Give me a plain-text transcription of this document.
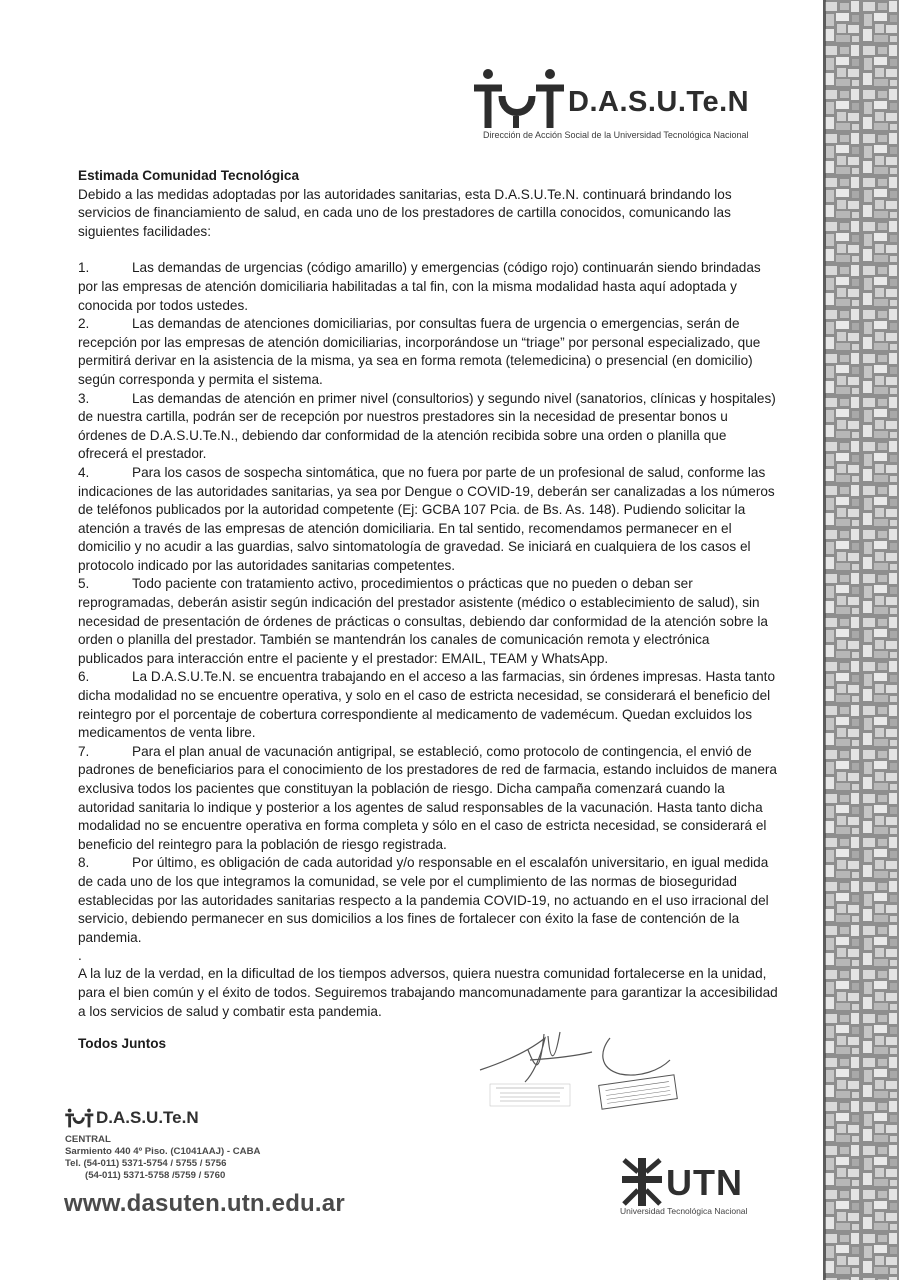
D.A.S.U.Te.N
Dirección de Acción Social de la Universidad Tecnológica Nacional

Estimada Comunidad Tecnológica

Debido a las medidas adoptadas por las autoridades sanitarias, esta D.A.S.U.Te.N. continuará brindando los servicios de financiamiento de salud, en cada uno de los prestadores de cartilla conocidos, comunicando las siguientes facilidades:

1.	Las demandas de urgencias (código amarillo) y emergencias (código rojo) continuarán siendo brindadas por las empresas de atención domiciliaria habilitadas a tal fin, con la misma modalidad hasta aquí adoptada y conocida por todos ustedes.

2.	Las demandas de atenciones domiciliarias, por consultas fuera de urgencia o emergencias, serán de recepción por las empresas de atención domiciliarias, incorporándose un “triage” por personal especializado, que permitirá derivar en la asistencia de la misma, ya sea en forma remota (telemedicina) o presencial (en domicilio) según corresponda y permita el sistema.

3.	Las demandas de atención en primer nivel (consultorios) y segundo nivel (sanatorios, clínicas y hospitales) de nuestra cartilla, podrán ser de recepción por nuestros prestadores sin la necesidad de presentar bonos u órdenes de D.A.S.U.Te.N., debiendo dar conformidad de la atención recibida sobre una orden o planilla que ofrecerá el prestador.

4.	Para los casos de sospecha sintomática, que no fuera por parte de un profesional de salud, conforme las indicaciones de las autoridades sanitarias, ya sea por Dengue o COVID-19, deberán ser canalizadas a los números de teléfonos publicados por la autoridad competente (Ej: GCBA 107 Pcia. de Bs. As. 148). Pudiendo solicitar la atención a través de las empresas de atención domiciliaria. En tal sentido, recomendamos permanecer en el domicilio y no acudir a las guardias, salvo sintomatología de gravedad. Se iniciará en cualquiera de los casos el protocolo indicado por las autoridades sanitarias competentes.

5.	Todo paciente con tratamiento activo, procedimientos o prácticas que no pueden o deban ser reprogramadas, deberán asistir según indicación del prestador asistente (médico o establecimiento de salud), sin necesidad de presentación de órdenes de prácticas o consultas, debiendo dar conformidad de la atención sobre la orden o planilla del prestador. También se mantendrán los canales de comunicación remota y electrónica publicados para interacción entre el paciente y el prestador: EMAIL, TEAM y WhatsApp.

6.	La D.A.S.U.Te.N. se encuentra trabajando en el acceso a las farmacias, sin órdenes impresas. Hasta tanto dicha modalidad no se encuentre operativa, y solo en el caso de estricta necesidad, se considerará el beneficio del reintegro por el porcentaje de cobertura correspondiente al medicamento de vademécum. Quedan excluidos los medicamentos de venta libre.

7.	Para el plan anual de vacunación antigripal, se estableció, como protocolo de contingencia, el envió de padrones de beneficiarios para el conocimiento de los prestadores de red de farmacia, estando incluidos de manera exclusiva todos los pacientes que constituyan la población de riesgo. Dicha campaña comenzará cuando la autoridad sanitaria lo indique y posterior a los agentes de salud responsables de la vacunación. Hasta tanto dicha modalidad no se encuentre operativa en forma completa y sólo en el caso de estricta necesidad, se considerará el beneficio del reintegro para la población de riesgo registrada.

8.	Por último, es obligación de cada autoridad y/o responsable en el escalafón universitario, en igual medida de cada uno de los que integramos la comunidad, se vele por el cumplimiento de las normas de bioseguridad establecidas por las autoridades sanitarias respecto a la pandemia COVID-19, no actuando en el uso irracional del servicio, debiendo permanecer en sus domicilios a los fines de fortalecer con éxito la fase de contención de la pandemia.

.

A la luz de la verdad, en la dificultad de los tiempos adversos, quiera nuestra comunidad fortalecerse en la unidad, para el bien común y el éxito de todos. Seguiremos trabajando mancomunadamente para garantizar la accesibilidad a los servicios de salud y combatir esta pandemia.

Todos Juntos

D.A.S.U.Te.N
CENTRAL
Sarmiento 440 4º Piso. (C1041AAJ) - CABA
Tel. (54-011) 5371-5754 / 5755 / 5756
(54-011) 5371-5758 /5759 / 5760
www.dasuten.utn.edu.ar
UTN
Universidad Tecnológica Nacional
